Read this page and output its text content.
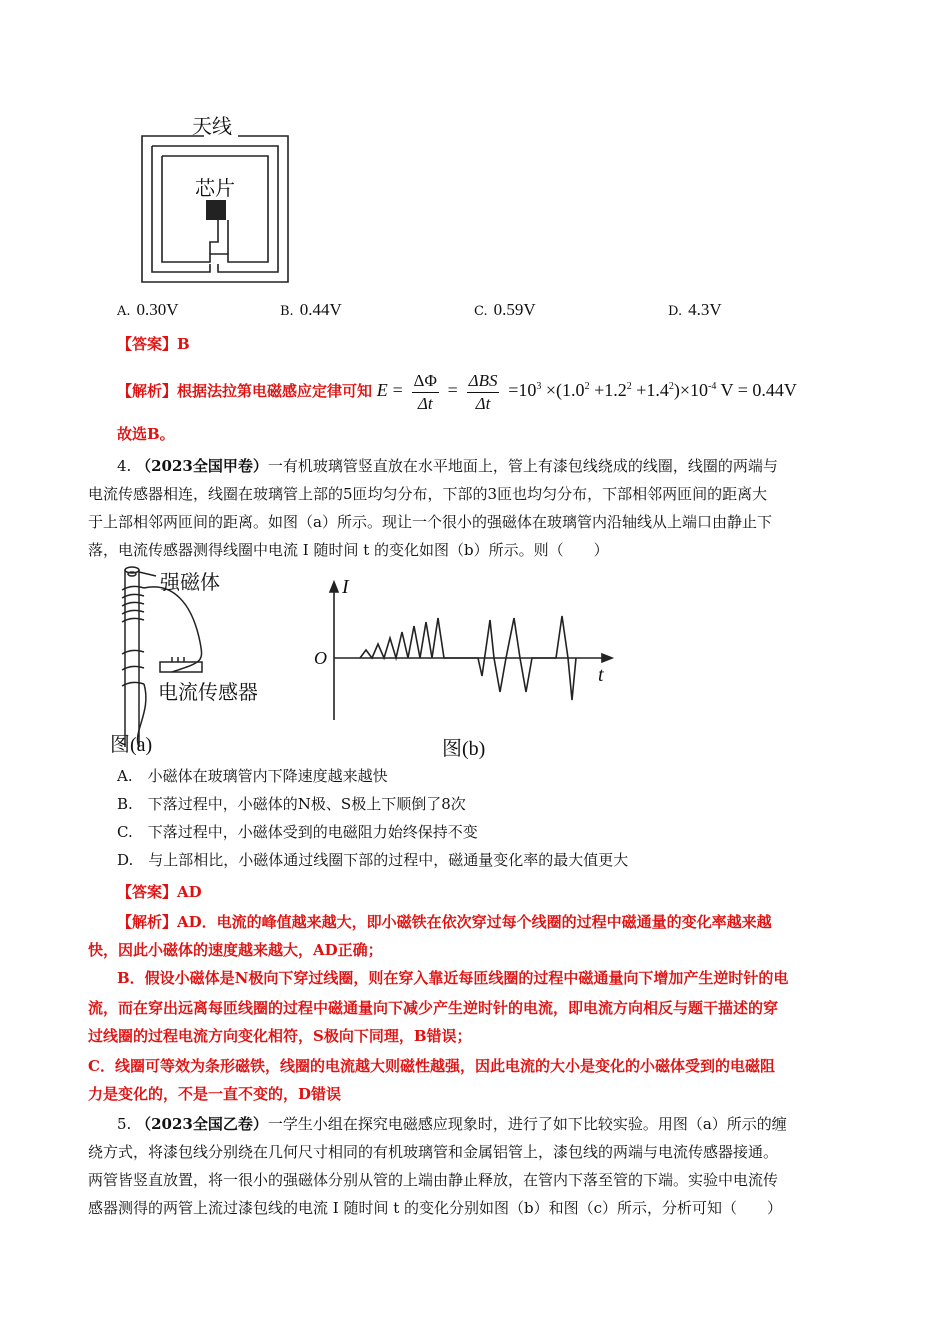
天线
芯片
A. 0.30V	B. 0.44V	C. 0.59V	D. 4.3V
【答案】B
【解析】根据法拉第电磁感应定律可知 $E = \frac{\Delta\Phi}{\Delta t} = \frac{\text{ΔBS}}{\Delta t} =10^3 \times(1.0^2 +1.2^2 +1.4^2)\times 10^{-4}$ V = 0.44V
故选B。
4. （2023全国甲卷）一有机玻璃管竖直放在水平地面上，管上有漆包线绕成的线圈，线圈的两端与
电流传感器相连，线圈在玻璃管上部的5匝均匀分布，下部的3匝也均匀分布，下部相邻两匝间的距离大
于上部相邻两匝间的距离。如图（a）所示。现让一个很小的强磁体在玻璃管内沿轴线从上端口由静止下
落，电流传感器测得线圈中电流 I 随时间 t 的变化如图（b）所示。则（　　）
强磁体
电流传感器
图(a)
I
t
O
图(b)
A.　小磁体在玻璃管内下降速度越来越快
B.　下落过程中，小磁体的N极、S极上下顺倒了8次
C.　下落过程中，小磁体受到的电磁阻力始终保持不变
D.　与上部相比，小磁体通过线圈下部的过程中，磁通量变化率的最大值更大
【答案】AD
【解析】AD．电流的峰值越来越大，即小磁铁在依次穿过每个线圈的过程中磁通量的变化率越来越
快，因此小磁体的速度越来越大，AD正确；
B．假设小磁体是N极向下穿过线圈，则在穿入靠近每匝线圈的过程中磁通量向下增加产生逆时针的电
流，而在穿出远离每匝线圈的过程中磁通量向下减少产生逆时针的电流，即电流方向相反与题干描述的穿
过线圈的过程电流方向变化相符，S极向下同理，B错误；
C．线圈可等效为条形磁铁，线圈的电流越大则磁性越强，因此电流的大小是变化的小磁体受到的电磁阻
力是变化的，不是一直不变的，D错误
5. （2023全国乙卷）一学生小组在探究电磁感应现象时，进行了如下比较实验。用图（a）所示的缠
绕方式，将漆包线分别绕在几何尺寸相同的有机玻璃管和金属铝管上，漆包线的两端与电流传感器接通。
两管皆竖直放置，将一很小的强磁体分别从管的上端由静止释放，在管内下落至管的下端。实验中电流传
感器测得的两管上流过漆包线的电流 I 随时间 t 的变化分别如图（b）和图（c）所示，分析可知（　　）
